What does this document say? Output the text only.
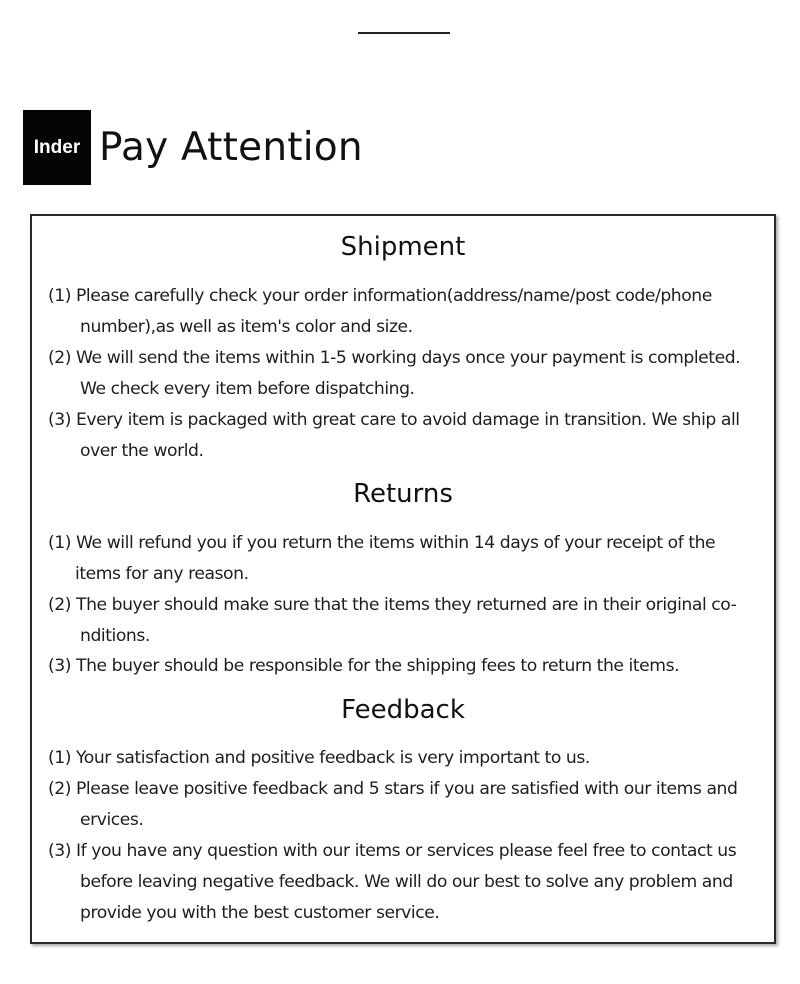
Inder Pay Attention
Shipment
(1) Please carefully check your order information(address/name/post code/phone
number),as well as item's color and size.
(2) We will send the items within 1-5 working days once your payment is completed.
We check every item before dispatching.
(3) Every item is packaged with great care to avoid damage in transition. We ship all
over the world.
Returns
(1) We will refund you if you return the items within 14 days of your receipt of the
items for any reason.
(2) The buyer should make sure that the items they returned are in their original co-
nditions.
(3) The buyer should be responsible for the shipping fees to return the items.
Feedback
(1) Your satisfaction and positive feedback is very important to us.
(2) Please leave positive feedback and 5 stars if you are satisfied with our items and
ervices.
(3) If you have any question with our items or services please feel free to contact us
before leaving negative feedback. We will do our best to solve any problem and
provide you with the best customer service.
